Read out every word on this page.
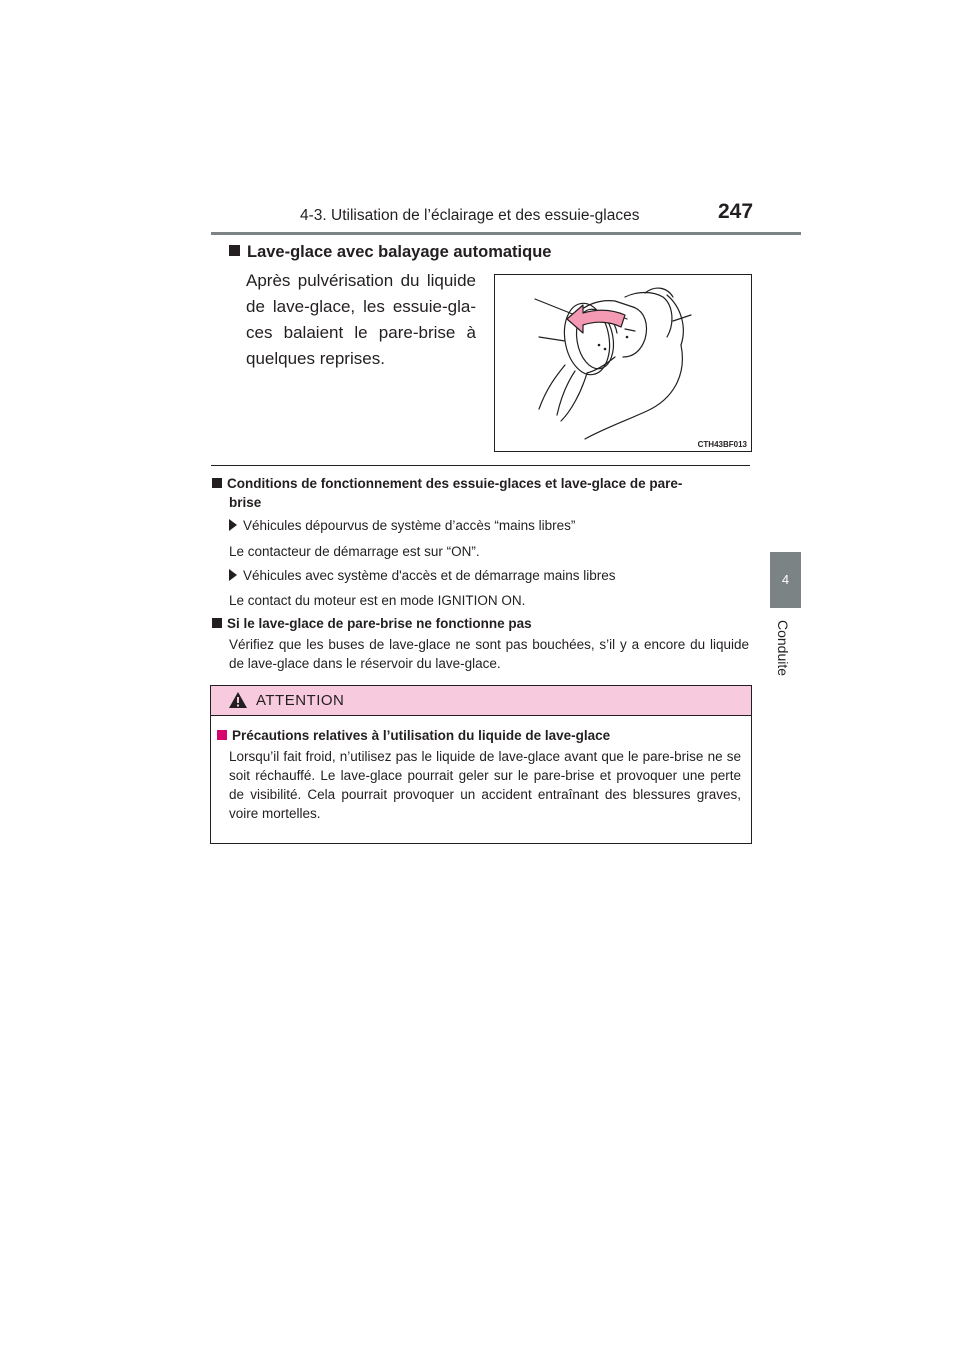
4-3. Utilisation de l’éclairage et des essuie-glaces	247
4
Conduite
Lave-glace avec balayage automatique
Après pulvérisation du liquide
de lave-glace, les essuie-gla-
ces balaient le pare-brise à
quelques reprises.
CTH43BF013
Conditions de fonctionnement des essuie-glaces et lave-glace de pare-
brise
Véhicules dépourvus de système d’accès “mains libres”
Le contacteur de démarrage est sur “ON”.
Véhicules avec système d'accès et de démarrage mains libres
Le contact du moteur est en mode IGNITION ON.
Si le lave-glace de pare-brise ne fonctionne pas
Vérifiez que les buses de lave-glace ne sont pas bouchées, s’il y a encore du liquide de lave-glace dans le réservoir du lave-glace.
ATTENTION
Précautions relatives à l’utilisation du liquide de lave-glace
Lorsqu’il fait froid, n’utilisez pas le liquide de lave-glace avant que le pare-brise ne se soit réchauffé. Le lave-glace pourrait geler sur le pare-brise et provoquer une perte de visibilité. Cela pourrait provoquer un accident entraînant des blessures graves, voire mortelles.
